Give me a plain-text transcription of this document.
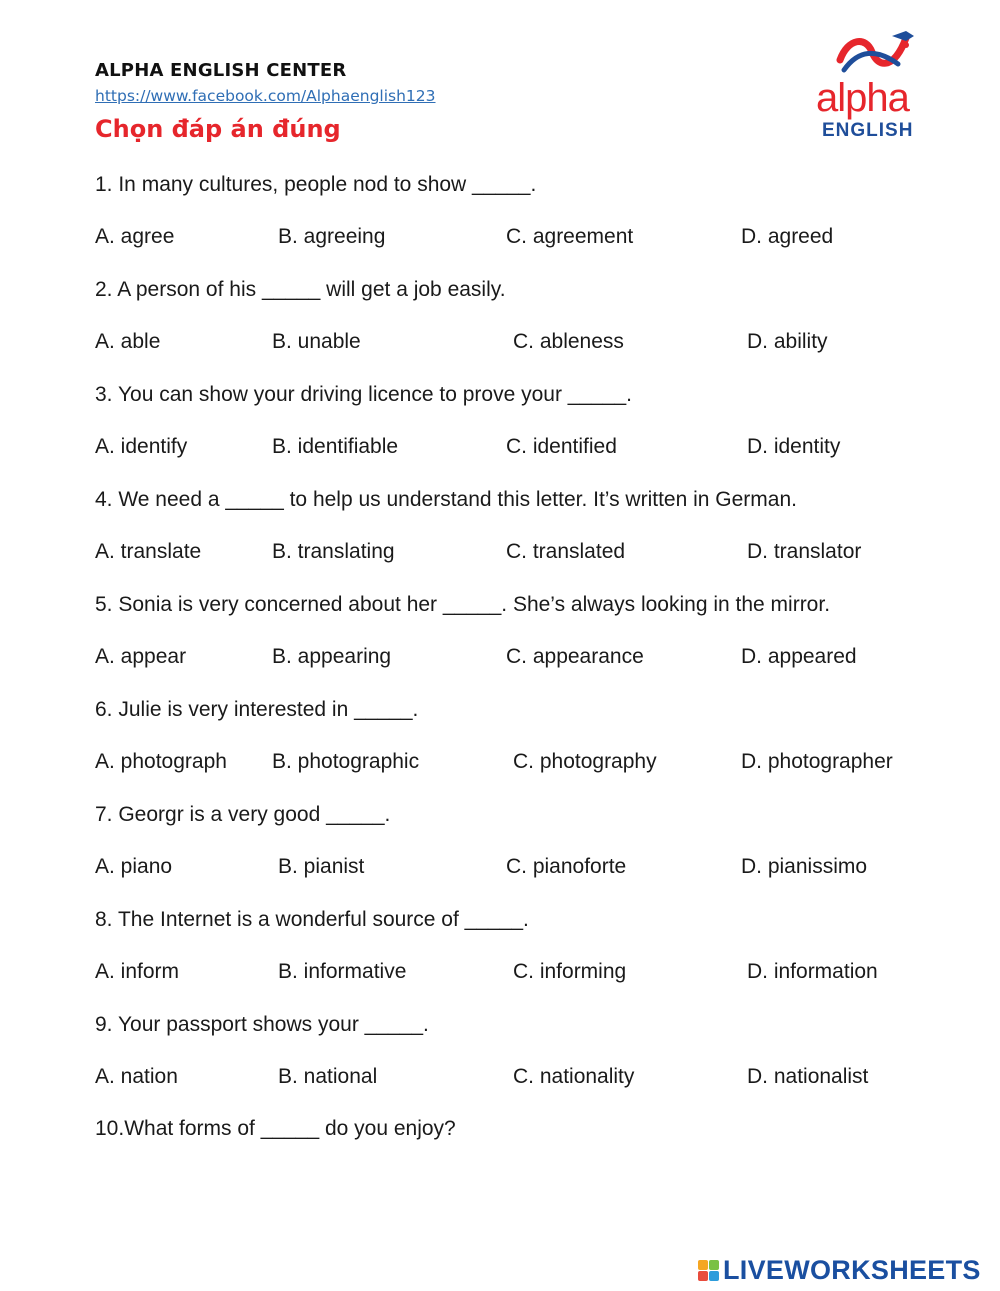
ALPHA ENGLISH CENTER
https://www.facebook.com/Alphaenglish123
Chọn đáp án đúng
alpha
ENGLISH
1. In many cultures, people nod to show _____.
A. agree	B. agreeing	C. agreement	D. agreed
2. A person of his _____ will get a job easily.
A. able	B. unable	C. ableness	D. ability
3. You can show your driving licence to prove your _____.
A. identify	B. identifiable	C. identified	D. identity
4. We need a _____ to help us understand this letter. It’s written in German.
A. translate	B. translating	C. translated	D. translator
5. Sonia is very concerned about her _____. She’s always looking in the mirror.
A. appear	B. appearing	C. appearance	D. appeared
6. Julie is very interested in _____.
A. photograph B. photographic	C. photography	D. photographer
7. Georgr is a very good _____.
A. piano	B. pianist	C. pianoforte	D. pianissimo
8. The Internet is a wonderful source of _____.
A. inform	B. informative	C. informing	D. information
9. Your passport shows your _____.
A. nation	B. national	C. nationality	D. nationalist
10.What forms of _____ do you enjoy?
LIVEWORKSHEETS
